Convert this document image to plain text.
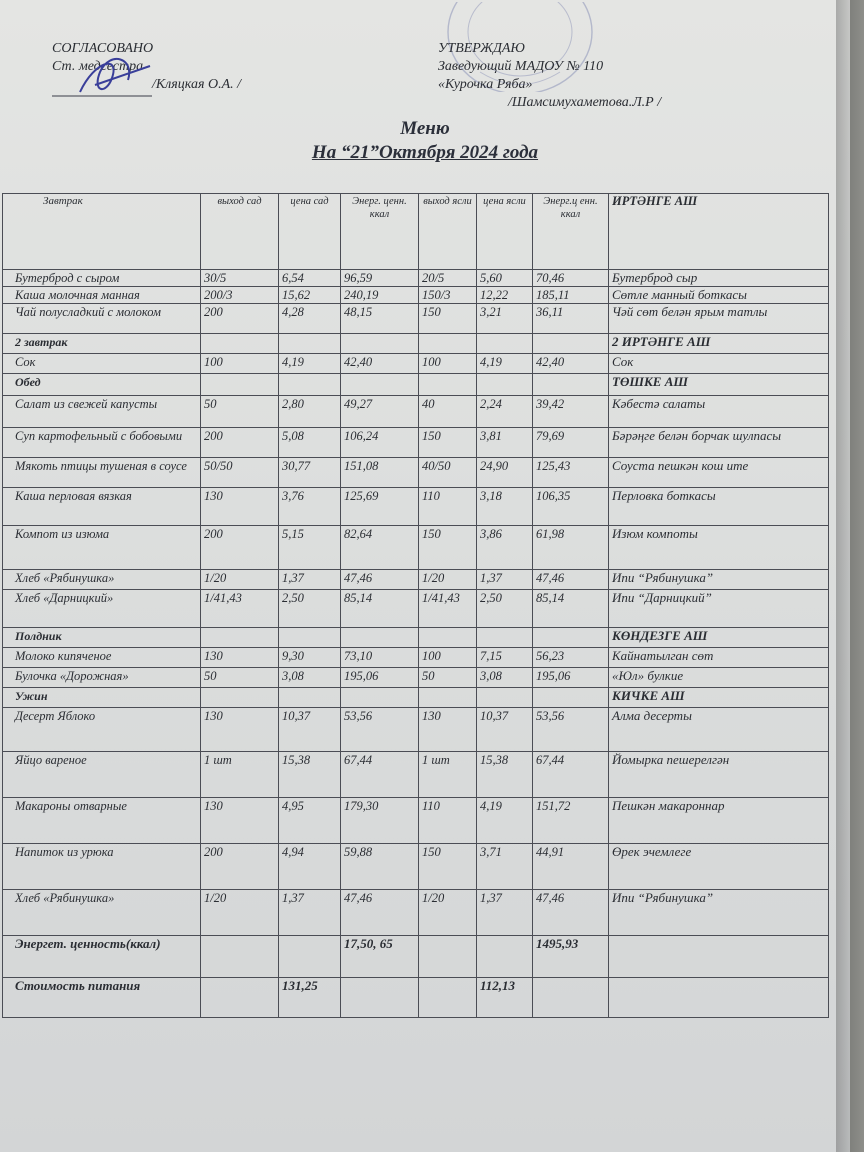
СОГЛАСОВАНО
Ст. медсестра
/Кляцкая О.А. /
УТВЕРЖДАЮ
Заведующий МАДОУ № 110
«Курочка Ряба»
/Шамсимухаметова.Л.Р /
Меню
На “21”Октября 2024 года
Завтрак	выход сад	цена сад	Энерг. ценн. ккал	выход ясли	цена ясли	Энерг.ц енн. ккал	ИРТӘНГЕ АШ
Бутерброд с сыром	30/5	6,54	96,59	20/5	5,60	70,46	Бутерброд сыр
Каша молочная манная	200/3	15,62	240,19	150/3	12,22	185,11	Сөтле манный боткасы
Чай полусладкий с молоком	200	4,28	48,15	150	3,21	36,11	Чәй сөт белән ярым татлы
2 завтрак							2 ИРТӘНГЕ АШ
Сок	100	4,19	42,40	100	4,19	42,40	Сок
Обед							ТӨШКЕ АШ
Салат из свежей капусты	50	2,80	49,27	40	2,24	39,42	Кәбестә салаты
Суп картофельный с бобовыми	200	5,08	106,24	150	3,81	79,69	Бәрәңге белән борчак шулпасы
Мякоть птицы тушеная в соусе	50/50	30,77	151,08	40/50	24,90	125,43	Соуста пешкән кош ите
Каша перловая вязкая	130	3,76	125,69	110	3,18	106,35	Перловка боткасы
Компот из изюма	200	5,15	82,64	150	3,86	61,98	Изюм компоты
Хлеб «Рябинушка»	1/20	1,37	47,46	1/20	1,37	47,46	Ипи “Рябинушка”
Хлеб «Дарницкий»	1/41,43	2,50	85,14	1/41,43	2,50	85,14	Ипи “Дарницкий”
Полдник							КӨНДЕЗГЕ АШ
Молоко кипяченое	130	9,30	73,10	100	7,15	56,23	Кайнатылган сөт
Булочка «Дорожная»	50	3,08	195,06	50	3,08	195,06	«Юл» булкие
Ужин							КИЧКЕ АШ
Десерт Яблоко	130	10,37	53,56	130	10,37	53,56	Алма десерты
Яйцо вареное	1 шт	15,38	67,44	1 шт	15,38	67,44	Йомырка пешерелгән
Макароны отварные	130	4,95	179,30	110	4,19	151,72	Пешкән макароннар
Напиток из урюка	200	4,94	59,88	150	3,71	44,91	Өрек эчемлеге
Хлеб «Рябинушка»	1/20	1,37	47,46	1/20	1,37	47,46	Ипи “Рябинушка”
Энергет. ценность(ккал)			17,50, 65			1495,93	
Стоимость питания		131,25			112,13		
